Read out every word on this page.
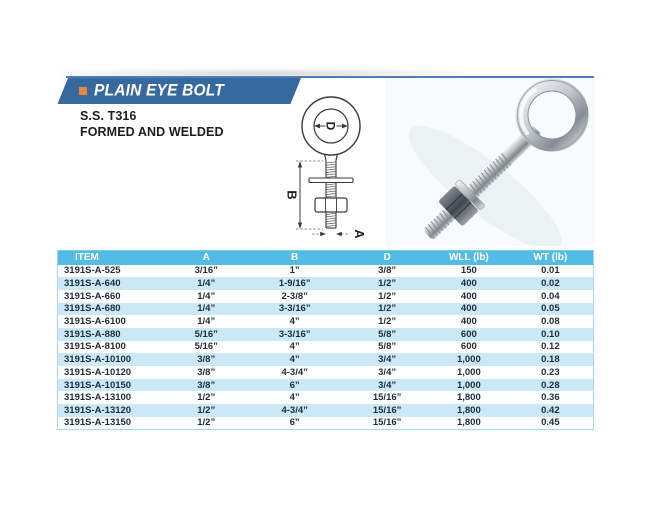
PLAIN EYE BOLT
S.S. T316
FORMED AND WELDED	D
B
A
ITEM	A	B	D	WLL (lb)	WT (lb)
3191S-A-525	3/16”	1”	3/8”	150	0.01
3191S-A-640	1/4”	1-9/16”	1/2”	400	0.02
3191S-A-660	1/4”	2-3/8”	1/2”	400	0.04
3191S-A-680	1/4”	3-3/16”	1/2”	400	0.05
3191S-A-6100	1/4”	4”	1/2”	400	0.08
3191S-A-880	5/16”	3-3/16”	5/8”	600	0.10
3191S-A-8100	5/16”	4”	5/8”	600	0.12
3191S-A-10100	3/8”	4”	3/4”	1,000	0.18
3191S-A-10120	3/8”	4-3/4”	3/4”	1,000	0.23
3191S-A-10150	3/8”	6”	3/4”	1,000	0.28
3191S-A-13100	1/2”	4”	15/16”	1,800	0.36
3191S-A-13120	1/2”	4-3/4”	15/16”	1,800	0.42
3191S-A-13150	1/2”	6”	15/16”	1,800	0.45
